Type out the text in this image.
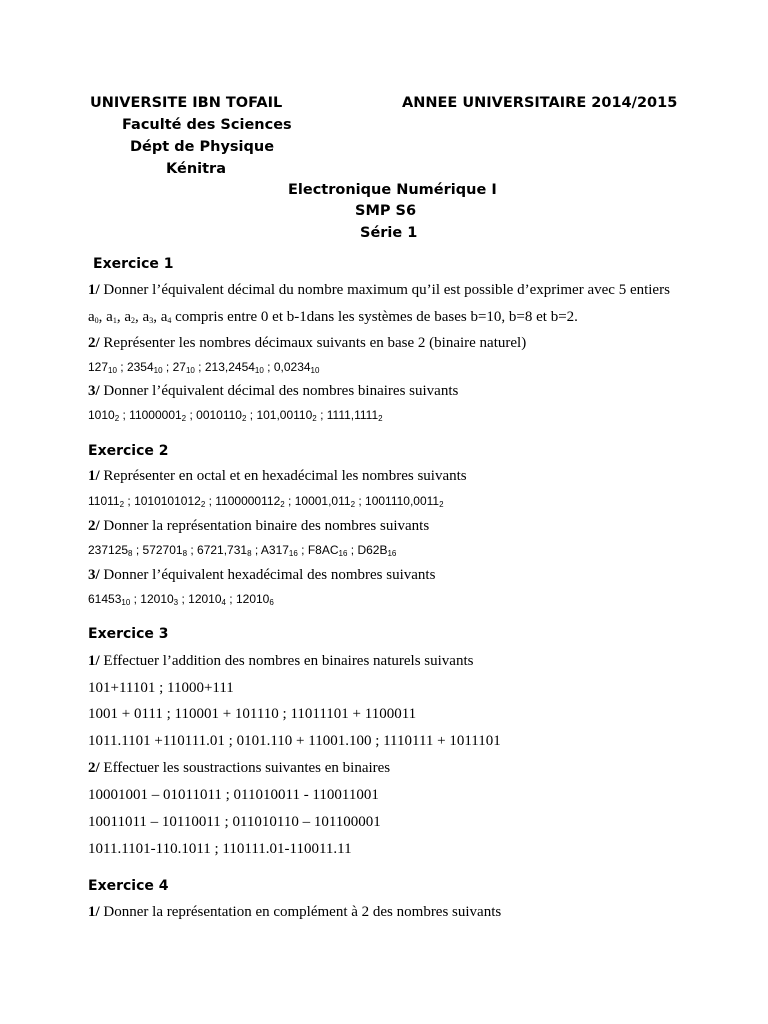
UNIVERSITE IBN TOFAIL	ANNEE UNIVERSITAIRE 2014/2015
Faculté des Sciences
Dépt de Physique
Kénitra
Electronique Numérique I
SMP S6
Série 1
Exercice 1
1/ Donner l’équivalent décimal du nombre maximum qu’il est possible d’exprimer avec 5 entiers
$a_0$, $a_1$, $a_2$, $a_3$, $a_4$ compris entre 0 et b-1dans les systèmes de bases b=10, b=8 et b=2.
2/ Représenter les nombres décimaux suivants en base 2 (binaire naturel)
$127_{10}$ ; $2354_{10}$ ; $27_{10}$ ; $213,2454_{10}$ ; $0,0234_{10}$
3/ Donner l’équivalent décimal des nombres binaires suivants
$1010_2$ ; $11000001_2$ ; $0010110_2$ ; $101,00110_2$ ; $1111,1111_2$
Exercice 2
1/ Représenter en octal et en hexadécimal les nombres suivants
$11011_2$ ; $1010101012_2$ ; $1100000112_2$ ; $10001,011_2$ ; $1001110,0011_2$
2/ Donner la représentation binaire des nombres suivants
$237125_8$ ; $572701_8$ ; $6721,731_8$ ; $A317_{16}$ ; $F8AC_{16}$ ; $D62B_{16}$
3/ Donner l’équivalent hexadécimal des nombres suivants
$61453_{10}$ ; $12010_3$ ; $12010_4$ ; $12010_6$
Exercice 3
1/ Effectuer l’addition des nombres en binaires naturels suivants
101+11101 ; 11000+111
1001 + 0111 ; 110001 + 101110 ; 11011101 + 1100011
1011.1101 +110111.01 ; 0101.110 + 11001.100 ; 1110111 + 1011101
2/ Effectuer les soustractions suivantes en binaires
10001001 – 01011011 ; 011010011 - 110011001
10011011 – 10110011 ; 011010110 – 101100001
1011.1101-110.1011 ; 110111.01-110011.11
Exercice 4
1/ Donner la représentation en complément à 2 des nombres suivants
